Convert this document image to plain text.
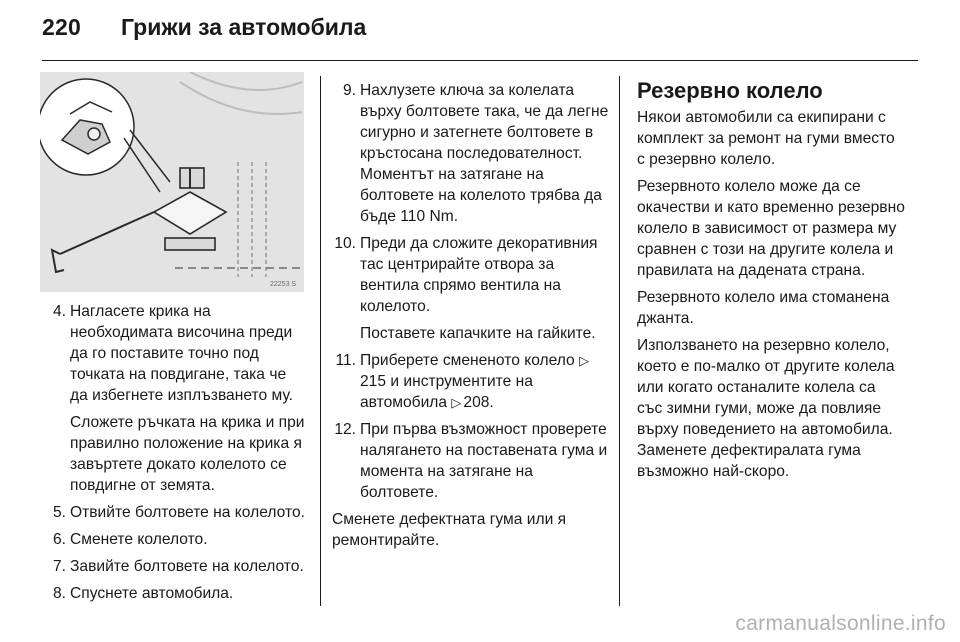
220 Грижи за автомобила
22253 S
4. Нагласете крика на необходимата височина преди да го поставите точно под точката на повдигане, така че да избегнете изплъзването му.

Сложете ръчката на крика и при правилно положение на крика я завъртете докато колелото се повдигне от земята.

5. Отвийте болтовете на колелото.

6. Сменете колелото.

7. Завийте болтовете на колелото.

8. Спуснете автомобила.

9. Нахлузете ключа за колелата върху болтовете така, че да легне сигурно и затегнете болтовете в кръстосана последователност. Моментът на затягане на болтовете на колелото трябва да бъде 110 Nm.

10. Преди да сложите декоративния тас центрирайте отвора за вентила спрямо вентила на колелото.

Поставете капачките на гайките.

11. Приберете смененото колело ▷215 и инструментите на автомобила ▷ 208.

12. При първа възможност проверете налягането на поставената гума и момента на затягане на болтовете.

Сменете дефектната гума или я ремонтирайте.

Резервно колело

Някои автомобили са екипирани с комплект за ремонт на гуми вместо с резервно колело.

Резервното колело може да се окачестви и като временно резервно колело в зависимост от размера му сравнен с този на другите колела и правилата на дадената страна.

Резервното колело има стоманена джанта.

Използването на резервно колело, което е по-малко от другите колела или когато останалите колела са със зимни гуми, може да повлияе върху поведението на автомобила. Заменете дефектиралата гума възможно най-скоро.

carmanualsonline.info
